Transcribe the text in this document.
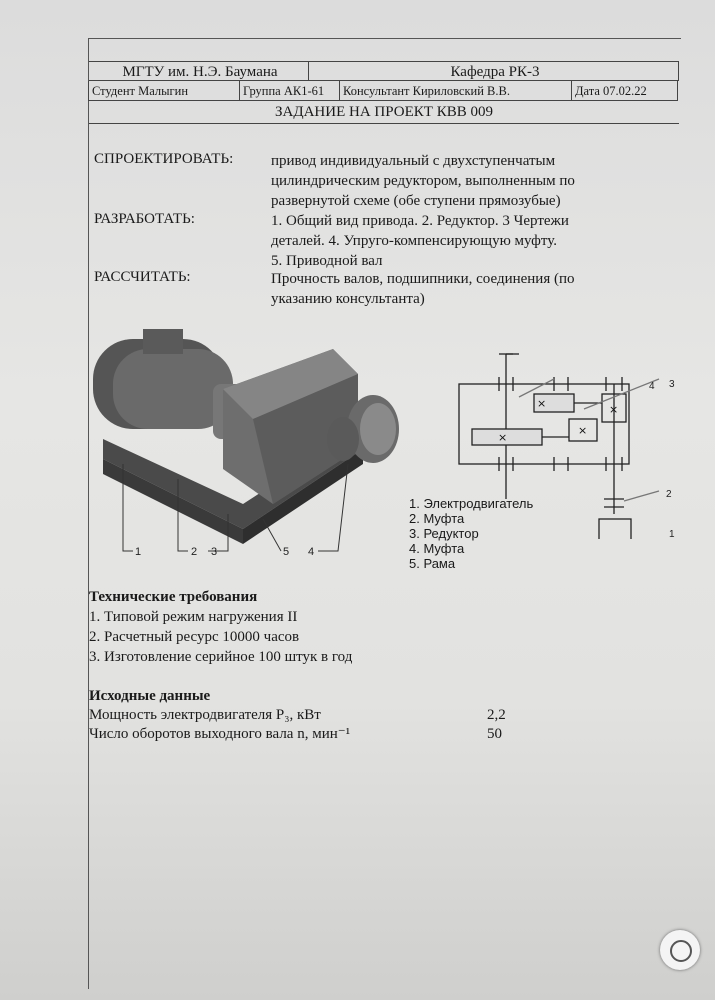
МГТУ им. Н.Э. Баумана	Кафедра РК-3
Студент Малыгин	Группа АК1-61	Консультант Кириловский В.В.	Дата 07.02.22
ЗАДАНИЕ НА ПРОЕКТ КВВ 009
СПРОЕКТИРОВАТЬ:	привод индивидуальный с двухступенчатым
цилиндрическим редуктором, выполненным по
развернутой схеме (обе ступени прямозубые)
РАЗРАБОТАТЬ:	1. Общий вид привода. 2. Редуктор. 3 Чертежи
деталей. 4. Упруго-компенсирующую муфту.
5. Приводной вал
РАССЧИТАТЬ:	Прочность валов, подшипники, соединения (по
указанию консультанта)
1	2 3	5 4
4 3
2
1
×	×
×
×
1. Электродвигатель
2. Муфта
3. Редуктор
4. Муфта
5. Рама
Технические требования
1. Типовой режим нагружения II
2. Расчетный ресурс 10000 часов
3. Изготовление серийное 100 штук в год
Исходные данные
Мощность электродвигателя P₃, кВт	2,2
Число оборотов выходного вала n, мин⁻¹	50
